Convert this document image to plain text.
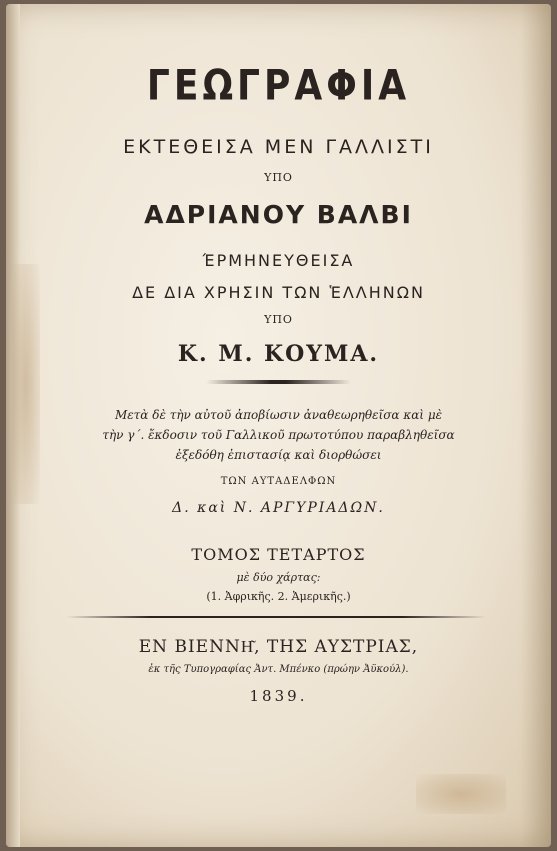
ΓΕΩΓΡΑΦΙΑ
ΕΚΤΕΘΕΙΣΑ ΜΕΝ ΓΑΛΛΙΣΤΙ
ΥΠΟ
ΑΔΡΙΑΝΟΥ ΒΑΛΒΙ
ΈΡΜΗΝΕΥΘΕΙΣΑ
ΔΕ ΔΙΑ ΧΡΗΣΙΝ ΤΩΝ ἙΛΛΗΝΩΝ
ΥΠΟ
Κ. Μ. ΚΟΥΜΑ.
Μετὰ δὲ τὴν αὐτοῦ ἀποβίωσιν ἀναθεωρηθεῖσα καὶ μὲ
τὴν γ΄. ἔκδοσιν τοῦ Γαλλικοῦ πρωτοτύπου παραβληθεῖσα
ἐξεδόθη ἐπιστασίᾳ καὶ διορθώσει
ΤΩΝ ΑΥΤΑΔΕΛΦΩΝ
Δ. καὶ Ν. ΑΡΓΥΡΙΑΔΩΝ.
ΤΟΜΟΣ ΤΕΤΑΡΤΟΣ
μὲ δύο χάρτας:
(1. Ἀφρικῆς. 2. Ἀμερικῆς.)
ΕΝ ΒΙΕΝΝΗ͂, ΤΗΣ ΑΥΣΤΡΙΑΣ,
ἐκ τῆς Τυπογραφίας Ἀντ. Μπένκο (πρώην Ἀϋκούλ).
1839.
